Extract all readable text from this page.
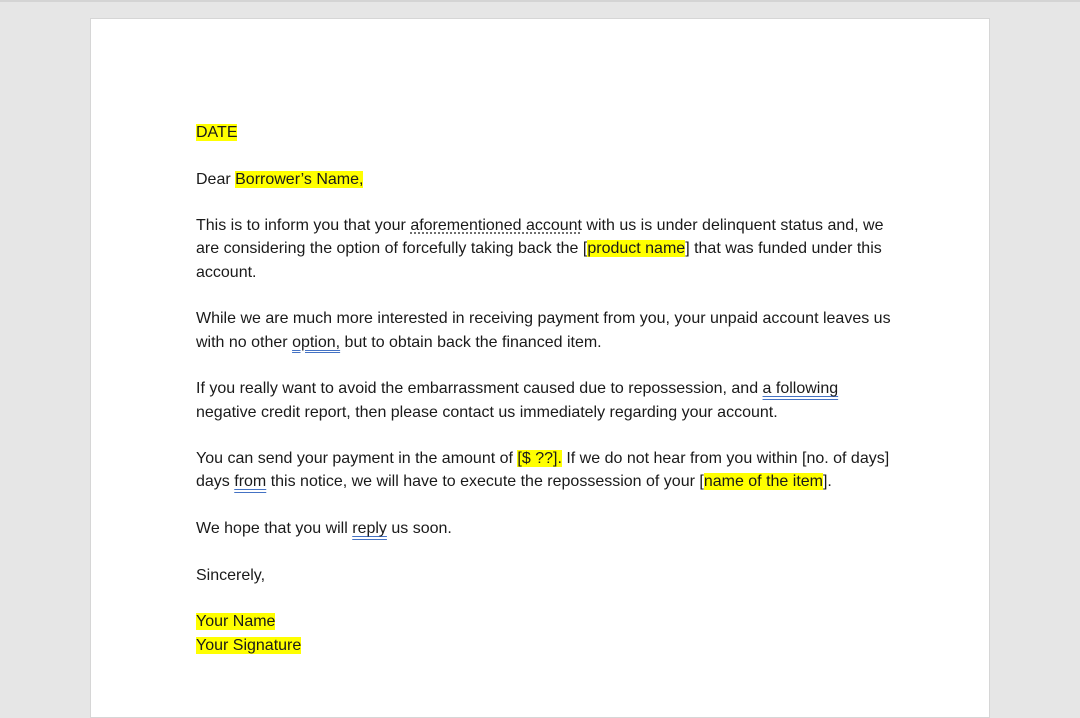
DATE

Dear Borrower’s Name,

This is to inform you that your aforementioned account with us is under delinquent status and, we are considering the option of forcefully taking back the [product name] that was funded under this account.

While we are much more interested in receiving payment from you, your unpaid account leaves us with no other option, but to obtain back the financed item.

If you really want to avoid the embarrassment caused due to repossession, and a following negative credit report, then please contact us immediately regarding your account.

You can send your payment in the amount of [$ ??]. If we do not hear from you within [no. of days] days from this notice, we will have to execute the repossession of your [name of the item].

We hope that you will reply us soon.

Sincerely,

Your Name
Your Signature
